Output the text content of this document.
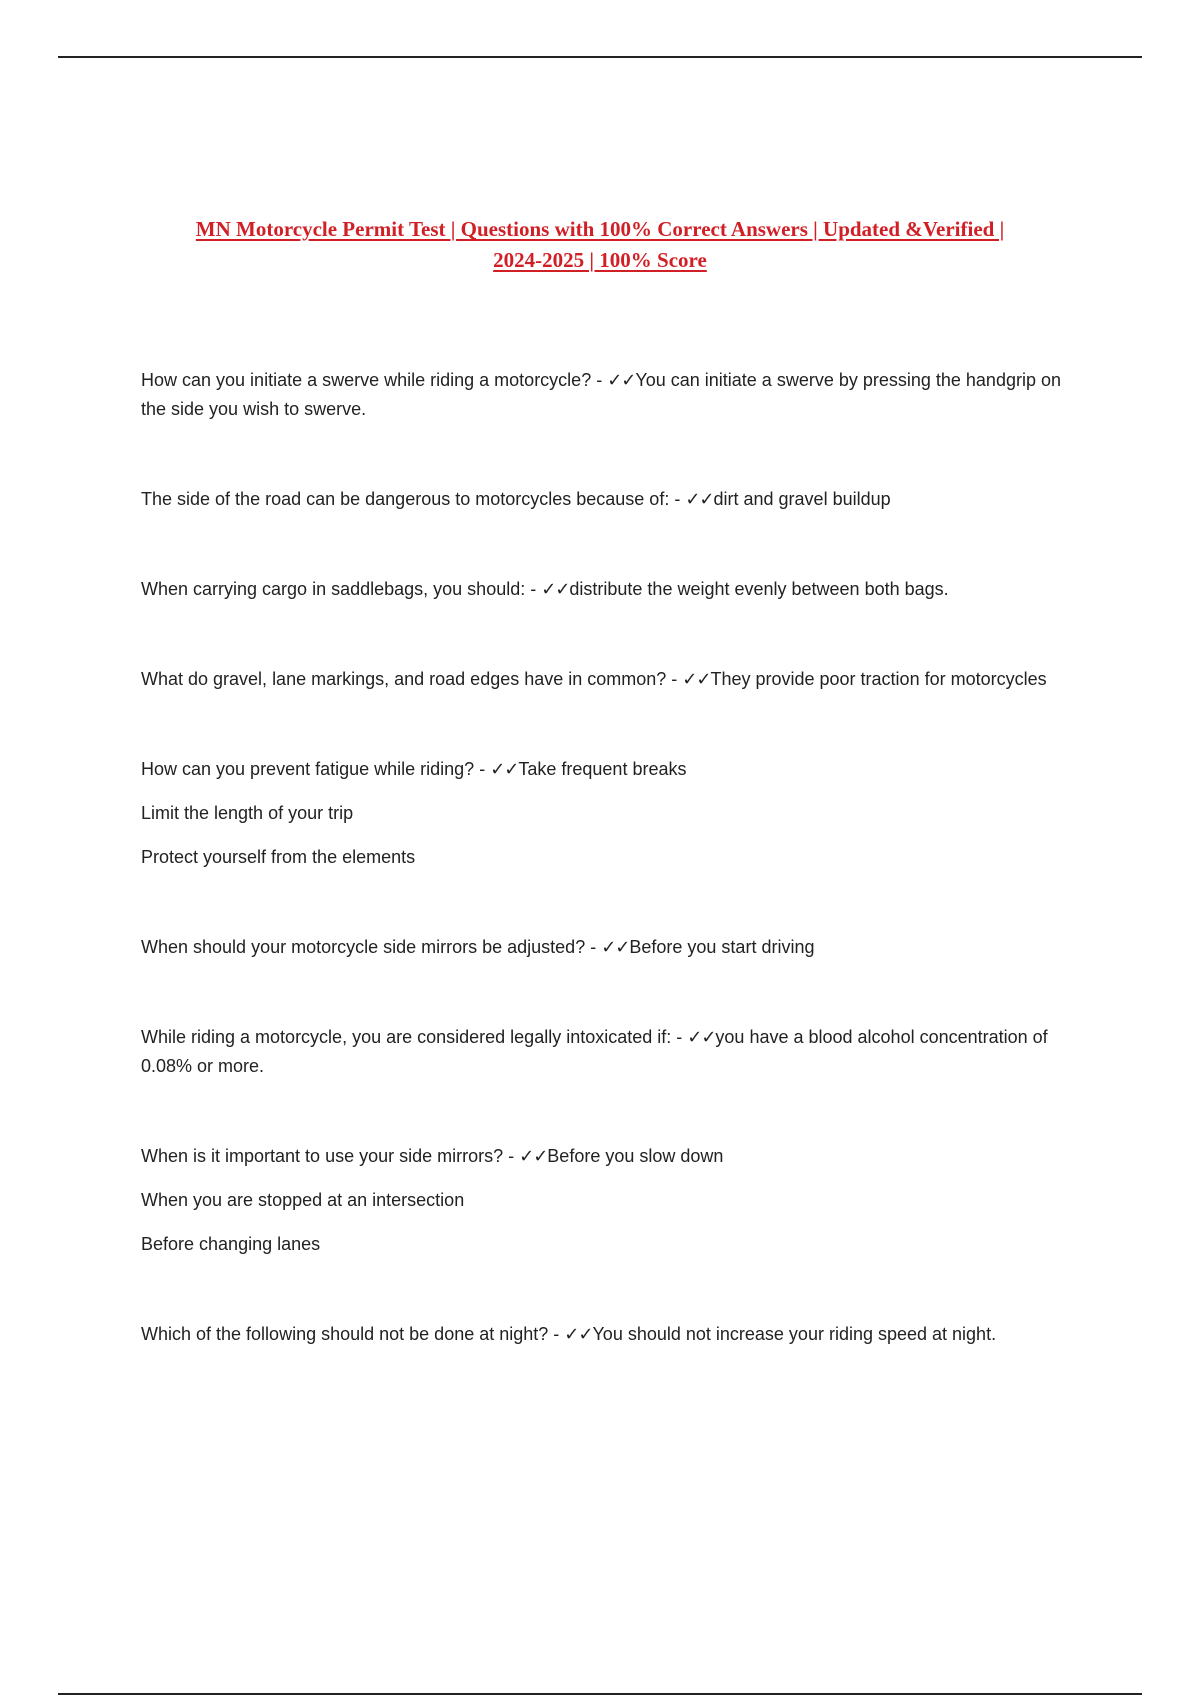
MN Motorcycle Permit Test | Questions with 100% Correct Answers | Updated &Verified |
2024-2025 | 100% Score

How can you initiate a swerve while riding a motorcycle? - ✓✓You can initiate a swerve by pressing the handgrip on the side you wish to swerve.

The side of the road can be dangerous to motorcycles because of: - ✓✓dirt and gravel buildup

When carrying cargo in saddlebags, you should: - ✓✓distribute the weight evenly between both bags.

What do gravel, lane markings, and road edges have in common? - ✓✓They provide poor traction for motorcycles

How can you prevent fatigue while riding? - ✓✓Take frequent breaks

Limit the length of your trip

Protect yourself from the elements

When should your motorcycle side mirrors be adjusted? - ✓✓Before you start driving

While riding a motorcycle, you are considered legally intoxicated if: - ✓✓you have a blood alcohol concentration of 0.08% or more.

When is it important to use your side mirrors? - ✓✓Before you slow down

When you are stopped at an intersection

Before changing lanes

Which of the following should not be done at night? - ✓✓You should not increase your riding speed at night.
